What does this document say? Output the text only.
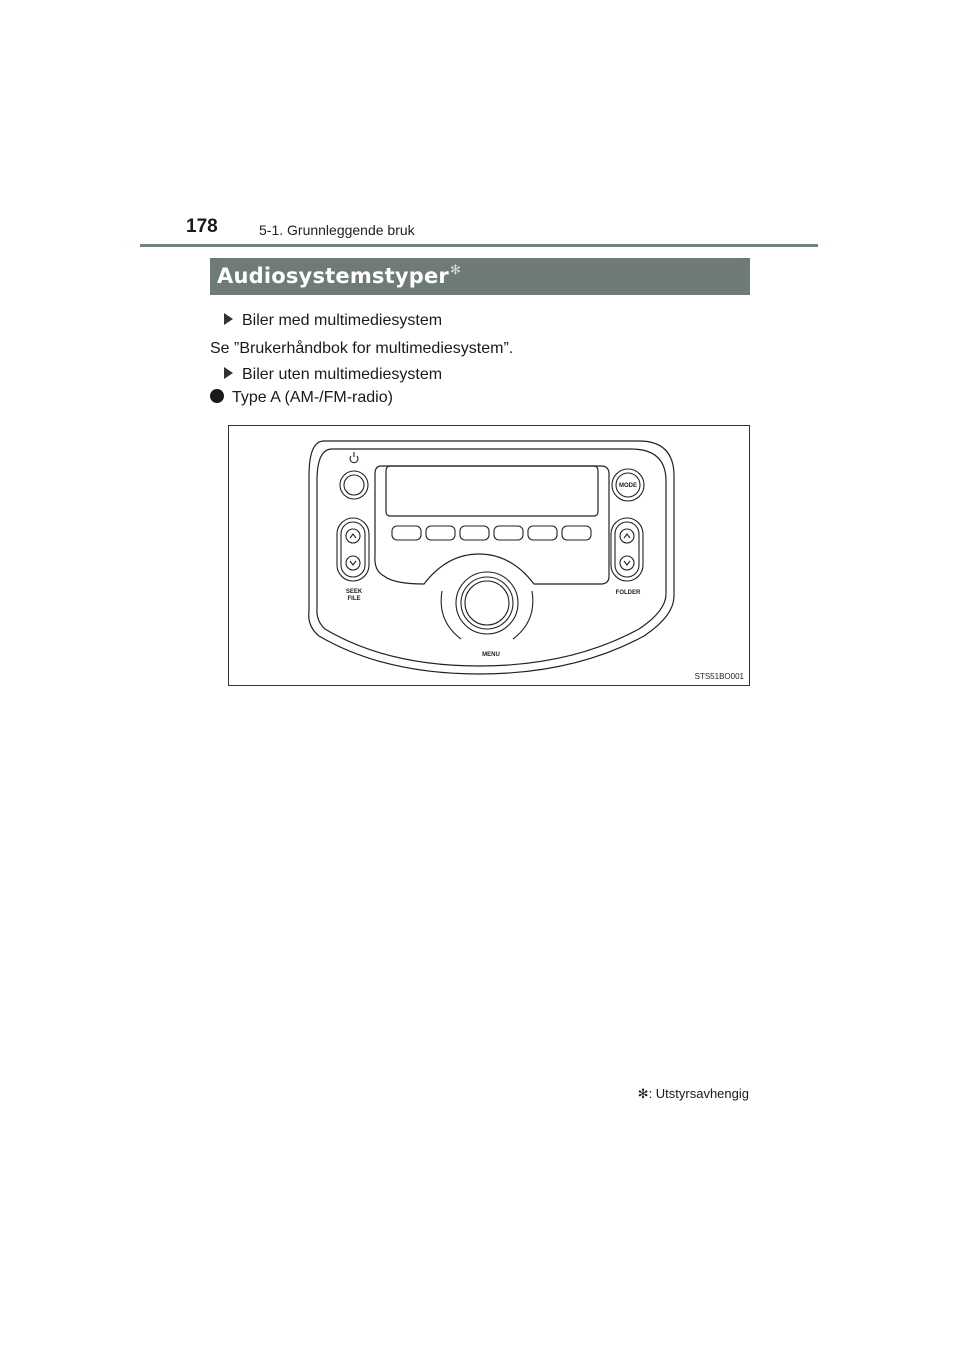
178	5-1. Grunnleggende bruk
Audiosystemstyper✻
Biler med multimediesystem
Se ”Brukerhåndbok for multimediesystem”.
Biler uten multimediesystem
Type A (AM-/FM-radio)
MODE
SEEK
FILE
FOLDER
MENU
STS51BO001
✻: Utstyrsavhengig
